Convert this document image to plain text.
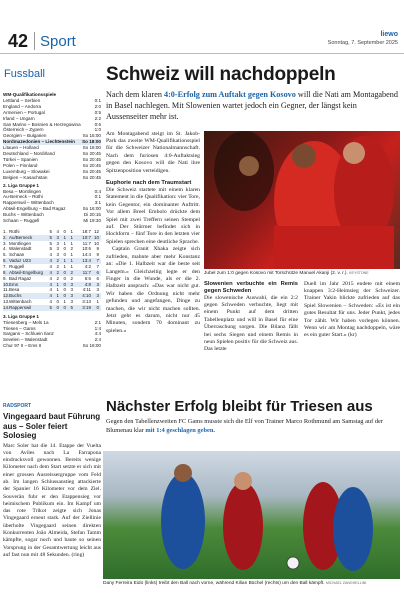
42 Sport	liewo
Sonntag, 7. September 2025
Fussball
WM-Qualifikationsspiele
Lettland – Serbien	0:1
England – Andorra	2:0
Armenien – Portugal	0:5
Irland – Ungarn	2:2
San Marino – Bosnien & Herzegowina	0:6
Österreich – Zypern	1:0
Georgien – Bulgarien	So 15:00
Nordmazedonien – Liechtenstein So 18:00
Litauen – Holland	So 18:00
Deutschland – Nordirland	So 20:45
Türkei – Spanien	So 20:45
Polen – Finnland	So 20:45
Luxemburg – Slowakei	So 20:45
Belgien – Kasachstan	So 20:45
2. Liga Gruppe 1
Besa – Montlingen	0:4
Au-Berneck – Rüthi	0:1
Rapperswil – Wittenbach	3:1
Abtwil-Engelburg – Bad Ragaz	So 16:00
Buchs – Wittenbach	Di 20:15
Schaan – Ruggell	Mi 19:30
1. Rüthi	5 4 0 1	18:7 12
2. Au/Berneck	5 3 1 1	10:7 10
3. Montlingen	5 3 1 1	11:7 10
4. Walenstadt	5 3 0 2	10:6	9
5. Schaan	4 3 0 1	14:4	9
6. Vaduz U23	4 2 1 1	13:4	7
7. Ruggell	4 2 1 1	4:2	7
8. Abtwil-Engelburg	4 2 0 2	11:7	6
9. Bad Ragaz	4 2 0 2	6:6	6
10. Ems	4 1 0 3	4:8	3
11. Besa	4 1 0 3	4:11	3
12. Buchs	4 1 0 3	4:10	3
13. Wittenbach	4 0 1 3	3:13	1
14. Rapperswil	5 0 0 5	3:19	0
3. Liga Gruppe 1
Triesenberg – Mels 1a	2:1
Triesen – Gams	1:4
Sargans – Schluein Ilanz	4:4
Sevelen – Walenstadt	2:4
Chur 97 II – Ems II	So 16:00
RADSPORT
Vingegaard baut Führung aus – Soler feiert Solosieg
Marc Soler hat die 14. Etappe der Vuelta von Aviles nach La Farrapona eindrucksvoll gewonnen. Bereits wenige Kilometer nach dem Start setzte er sich mit einer grossen Ausreissergruppe vom Feld ab. Im langen Schlussanstieg attackierte der Spanier 16 Kilometer vor dem Ziel. Souverän fuhr er den Etappensieg vor heimischem Publikum ein. Im Kampf um das rote Trikot zeigte sich Jonas Vingegaard erneut stark. Auf der Ziellinie überholte Vingegaard seinen direkten Konkurrenten João Almeida, Stefan Tamm kämpfte, sogar noch und baute so seinen Vorsprung in der Gesamtwertung leicht aus auf fast nun mit 48 Sekunden. (ring)
Schweiz will nachdoppeln
Nach dem klaren 4:0-Erfolg zum Auftakt gegen Kosovo will die Nati am Montagabend in Basel nachlegen. Mit Slowenien wartet jedoch ein Gegner, der längst kein Aussenseiter mehr ist.

Am Montagabend steigt im St. Jakob-Park das zweite WM-Qualifikationsspiel für die Schweizer Nationalmannschaft. Nach dem furiosen 4:0-Auftaktsieg gegen den Kosovo will die Nati ihre Spitzenposition verteidigen.

Euphorie nach dem Traumstart

Die Schweiz startete mit einem klaren Statement in die Qualifikation: vier Tore, kein Gegentor, ein dominanter Auftritt. Vor allem Breel Embolo drückte dem Spiel mit zwei Treffern seinen Stempel auf. Der Stürmer befindet sich in Hochform – fünf Tore in den letzten vier Spielen sprechen eine deutliche Sprache.

Captain Granit Xhaka zeigte sich zufrieden, mahnte aber mehr Konstanz an: «Die 1. Halbzeit war die beste seit Langem.» Gleichzeitig legte er den Finger in die Wunde, als er die 2. Halbzeit ansprach: «Das war nicht gut. Wir haben die Ordnung nicht mehr gefunden und angefangen, Dinge zu machen, die wir nicht machen sollten. Jetzt geht es darum, nicht nur 45 Minuten, sondern 70 dominant zu spielen.»

Jubel zum 1:0 gegen Kosovo mit Torschütze Manuel Akanji (2. v. r.). KEYSTONE

Slowenien verbuchte ein Remis gegen Schweden

Die slowenische Auswahl, die ein 2:2 gegen Schweden verbuchte, liegt mit einem Punkt auf dem dritten Tabellenplatz und will in Basel für eine Überraschung sorgen. Die Bilanz fällt bei sechs Siegen und einem Remis in neun Spielen positiv für die Schweiz aus. Das letzte

Duell im Jahr 2015 endete mit einem knappen 3:2-Heimsieg der Schweizer. Trainer Yakin blickte zufrieden auf das Spiel Slowenien – Schweden: «Es ist ein gutes Resultat für uns. Jeder Punkt, jedes Tor zählt. Wir haben vorlegen können. Wenn wir am Montag nachdoppeln, wäre es ein guter Start.» (kr)

Nächster Erfolg bleibt für Triesen aus
Gegen den Tabellenzweiten FC Gams musste sich die Elf von Trainer Marco Rothmund am Samstag auf der Blumenau klar mit 1:4 geschlagen geben.
Dany Ferreira Eido (links) treibt den Ball nach vorne, während Kilian Büchel (rechts) um den Ball kämpft. MICHAEL ZANGHELLINI
